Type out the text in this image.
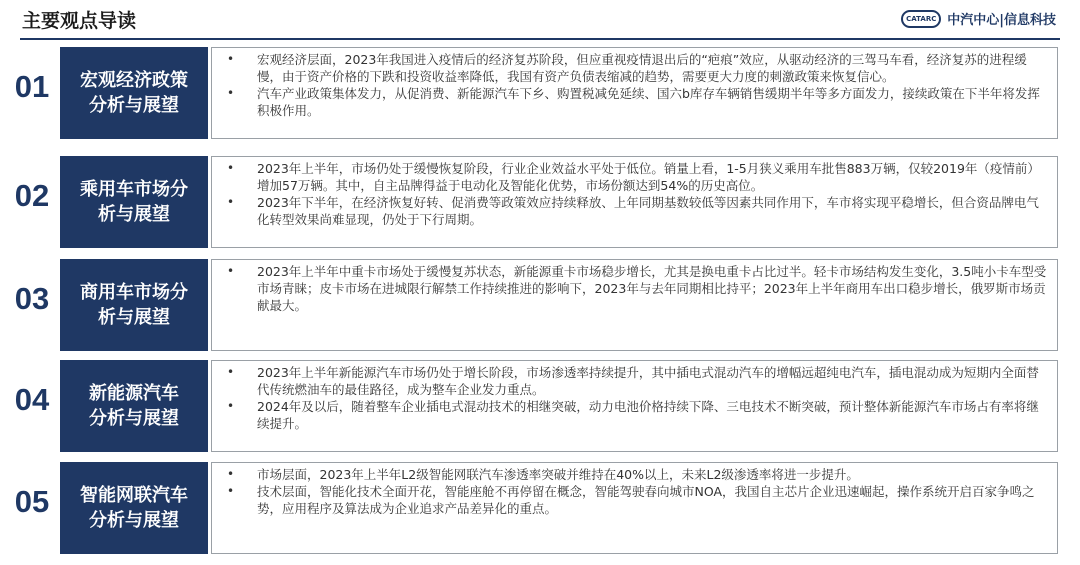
主要观点导读	CATARC 中汽中心|信息科技
01	宏观经济政策
分析与展望
• 宏观经济层面，2023年我国进入疫情后的经济复苏阶段，但应重视疫情退出后的“疤痕”效应，从驱动经济的三驾马车看，经济复苏的进程缓慢，由于资产价格的下跌和投资收益率降低，我国有资产负债表缩减的趋势，需要更大力度的刺激政策来恢复信心。
• 汽车产业政策集体发力，从促消费、新能源汽车下乡、购置税减免延续、国六b库存车辆销售缓期半年等多方面发力，接续政策在下半年将发挥积极作用。
02	乘用车市场分
析与展望
• 2023年上半年，市场仍处于缓慢恢复阶段，行业企业效益水平处于低位。销量上看，1-5月狭义乘用车批售883万辆，仅较2019年（疫情前）增加57万辆。其中，自主品牌得益于电动化及智能化优势，市场份额达到54%的历史高位。
• 2023年下半年，在经济恢复好转、促消费等政策效应持续释放、上年同期基数较低等因素共同作用下，车市将实现平稳增长，但合资品牌电气化转型效果尚难显现，仍处于下行周期。
03	商用车市场分
析与展望
• 2023年上半年中重卡市场处于缓慢复苏状态，新能源重卡市场稳步增长，尤其是换电重卡占比过半。轻卡市场结构发生变化，3.5吨小卡车型受市场青睐；皮卡市场在进城限行解禁工作持续推进的影响下，2023年与去年同期相比持平；2023年上半年商用车出口稳步增长，俄罗斯市场贡献最大。
04	新能源汽车
分析与展望
• 2023年上半年新能源汽车市场仍处于增长阶段，市场渗透率持续提升，其中插电式混动汽车的增幅远超纯电汽车，插电混动成为短期内全面替代传统燃油车的最佳路径，成为整车企业发力重点。
• 2024年及以后，随着整车企业插电式混动技术的相继突破，动力电池价格持续下降、三电技术不断突破，预计整体新能源汽车市场占有率将继续提升。
05	智能网联汽车
分析与展望
• 市场层面，2023年上半年L2级智能网联汽车渗透率突破并维持在40%以上，未来L2级渗透率将进一步提升。
• 技术层面，智能化技术全面开花，智能座舱不再停留在概念，智能驾驶春向城市NOA，我国自主芯片企业迅速崛起，操作系统开启百家争鸣之势，应用程序及算法成为企业追求产品差异化的重点。
